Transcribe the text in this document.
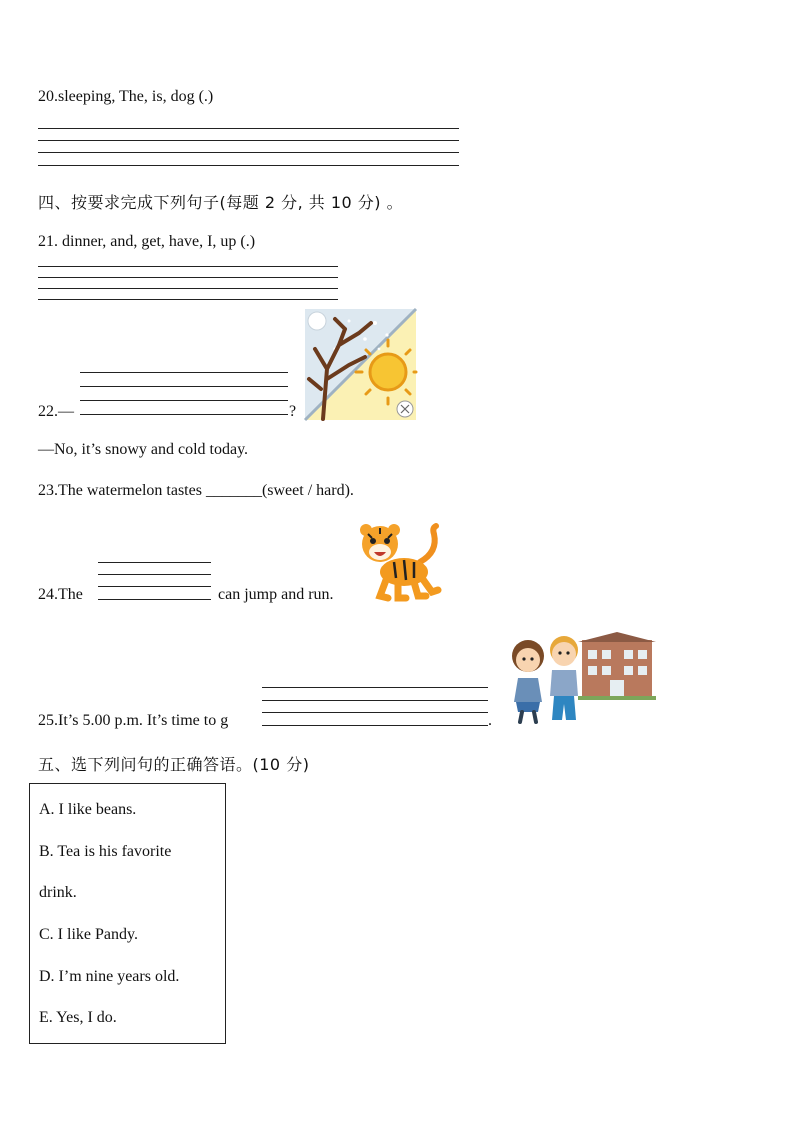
20.sleeping, The, is, dog (.)
四、按要求完成下列句子(每题 2 分, 共 10 分) 。
21. dinner, and, get, have, I, up (.)
22.—	?
—No, it’s snowy and cold today.
23.The watermelon tastes _______(sweet / hard).
24.The	can jump and run.
25.It’s 5.00 p.m. It’s time to g	.
五、选下列问句的正确答语。(10 分)
A. I like beans.
B. Tea is his favorite
drink.
C. I like Pandy.
D. I’m nine years old.
E. Yes, I do.
